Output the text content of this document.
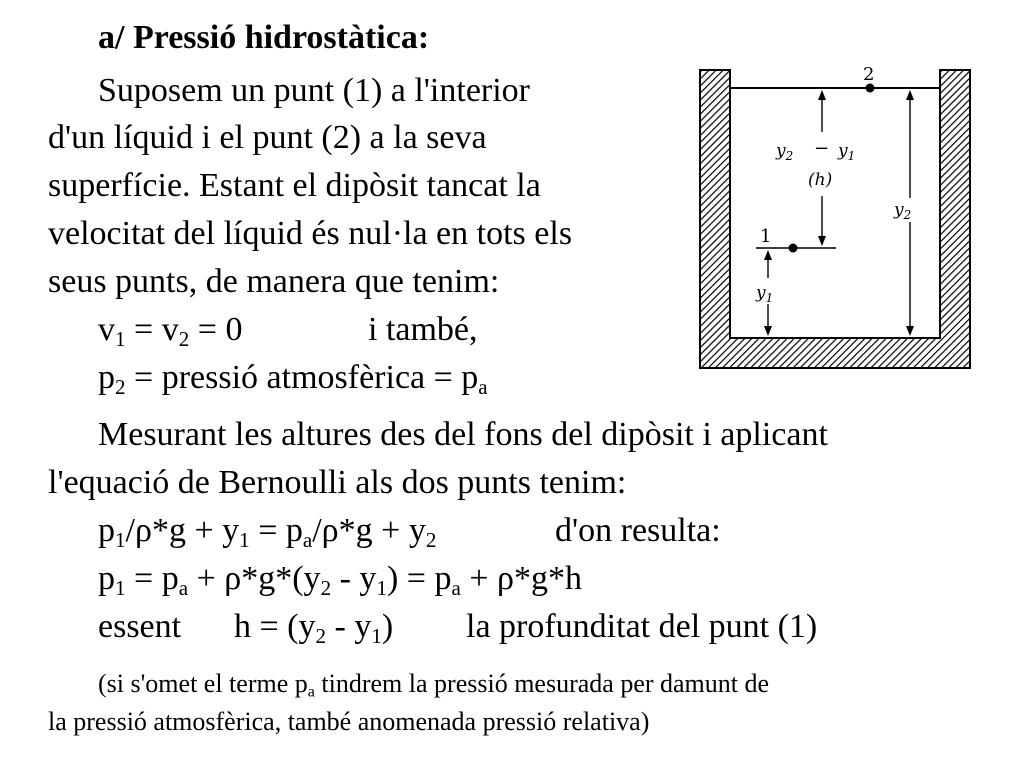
a/ Pressió hidrostàtica:
Suposem un punt (1) a l'interior
d'un líquid i el punt (2) a la seva
superfície. Estant el dipòsit tancat la
velocitat del líquid és nul·la en tots els
seus punts, de manera que tenim:
$v_1 = v_2 = 0$	i també,
$p_2$ = pressió atmosfèrica = $p_a$
Mesurant les altures des del fons del dipòsit i aplicant
l'equació de Bernoulli als dos punts tenim:
$p_1/\rho*g + y_1 = p_a/\rho*g + y_2$	d'on resulta:
$p_1 = p_a + \rho*g*(y_2 - y_1) = p_a + \rho*g*h$
essent $h = (y_2 - y_1)$ la profunditat del punt (1)
(si s'omet el terme $p_a$ tindrem la pressió mesurada per damunt de
la pressió atmosfèrica, també anomenada pressió relativa)
2
1
$y_2 - y_1$
(h)
$y_2$
$y_1$
